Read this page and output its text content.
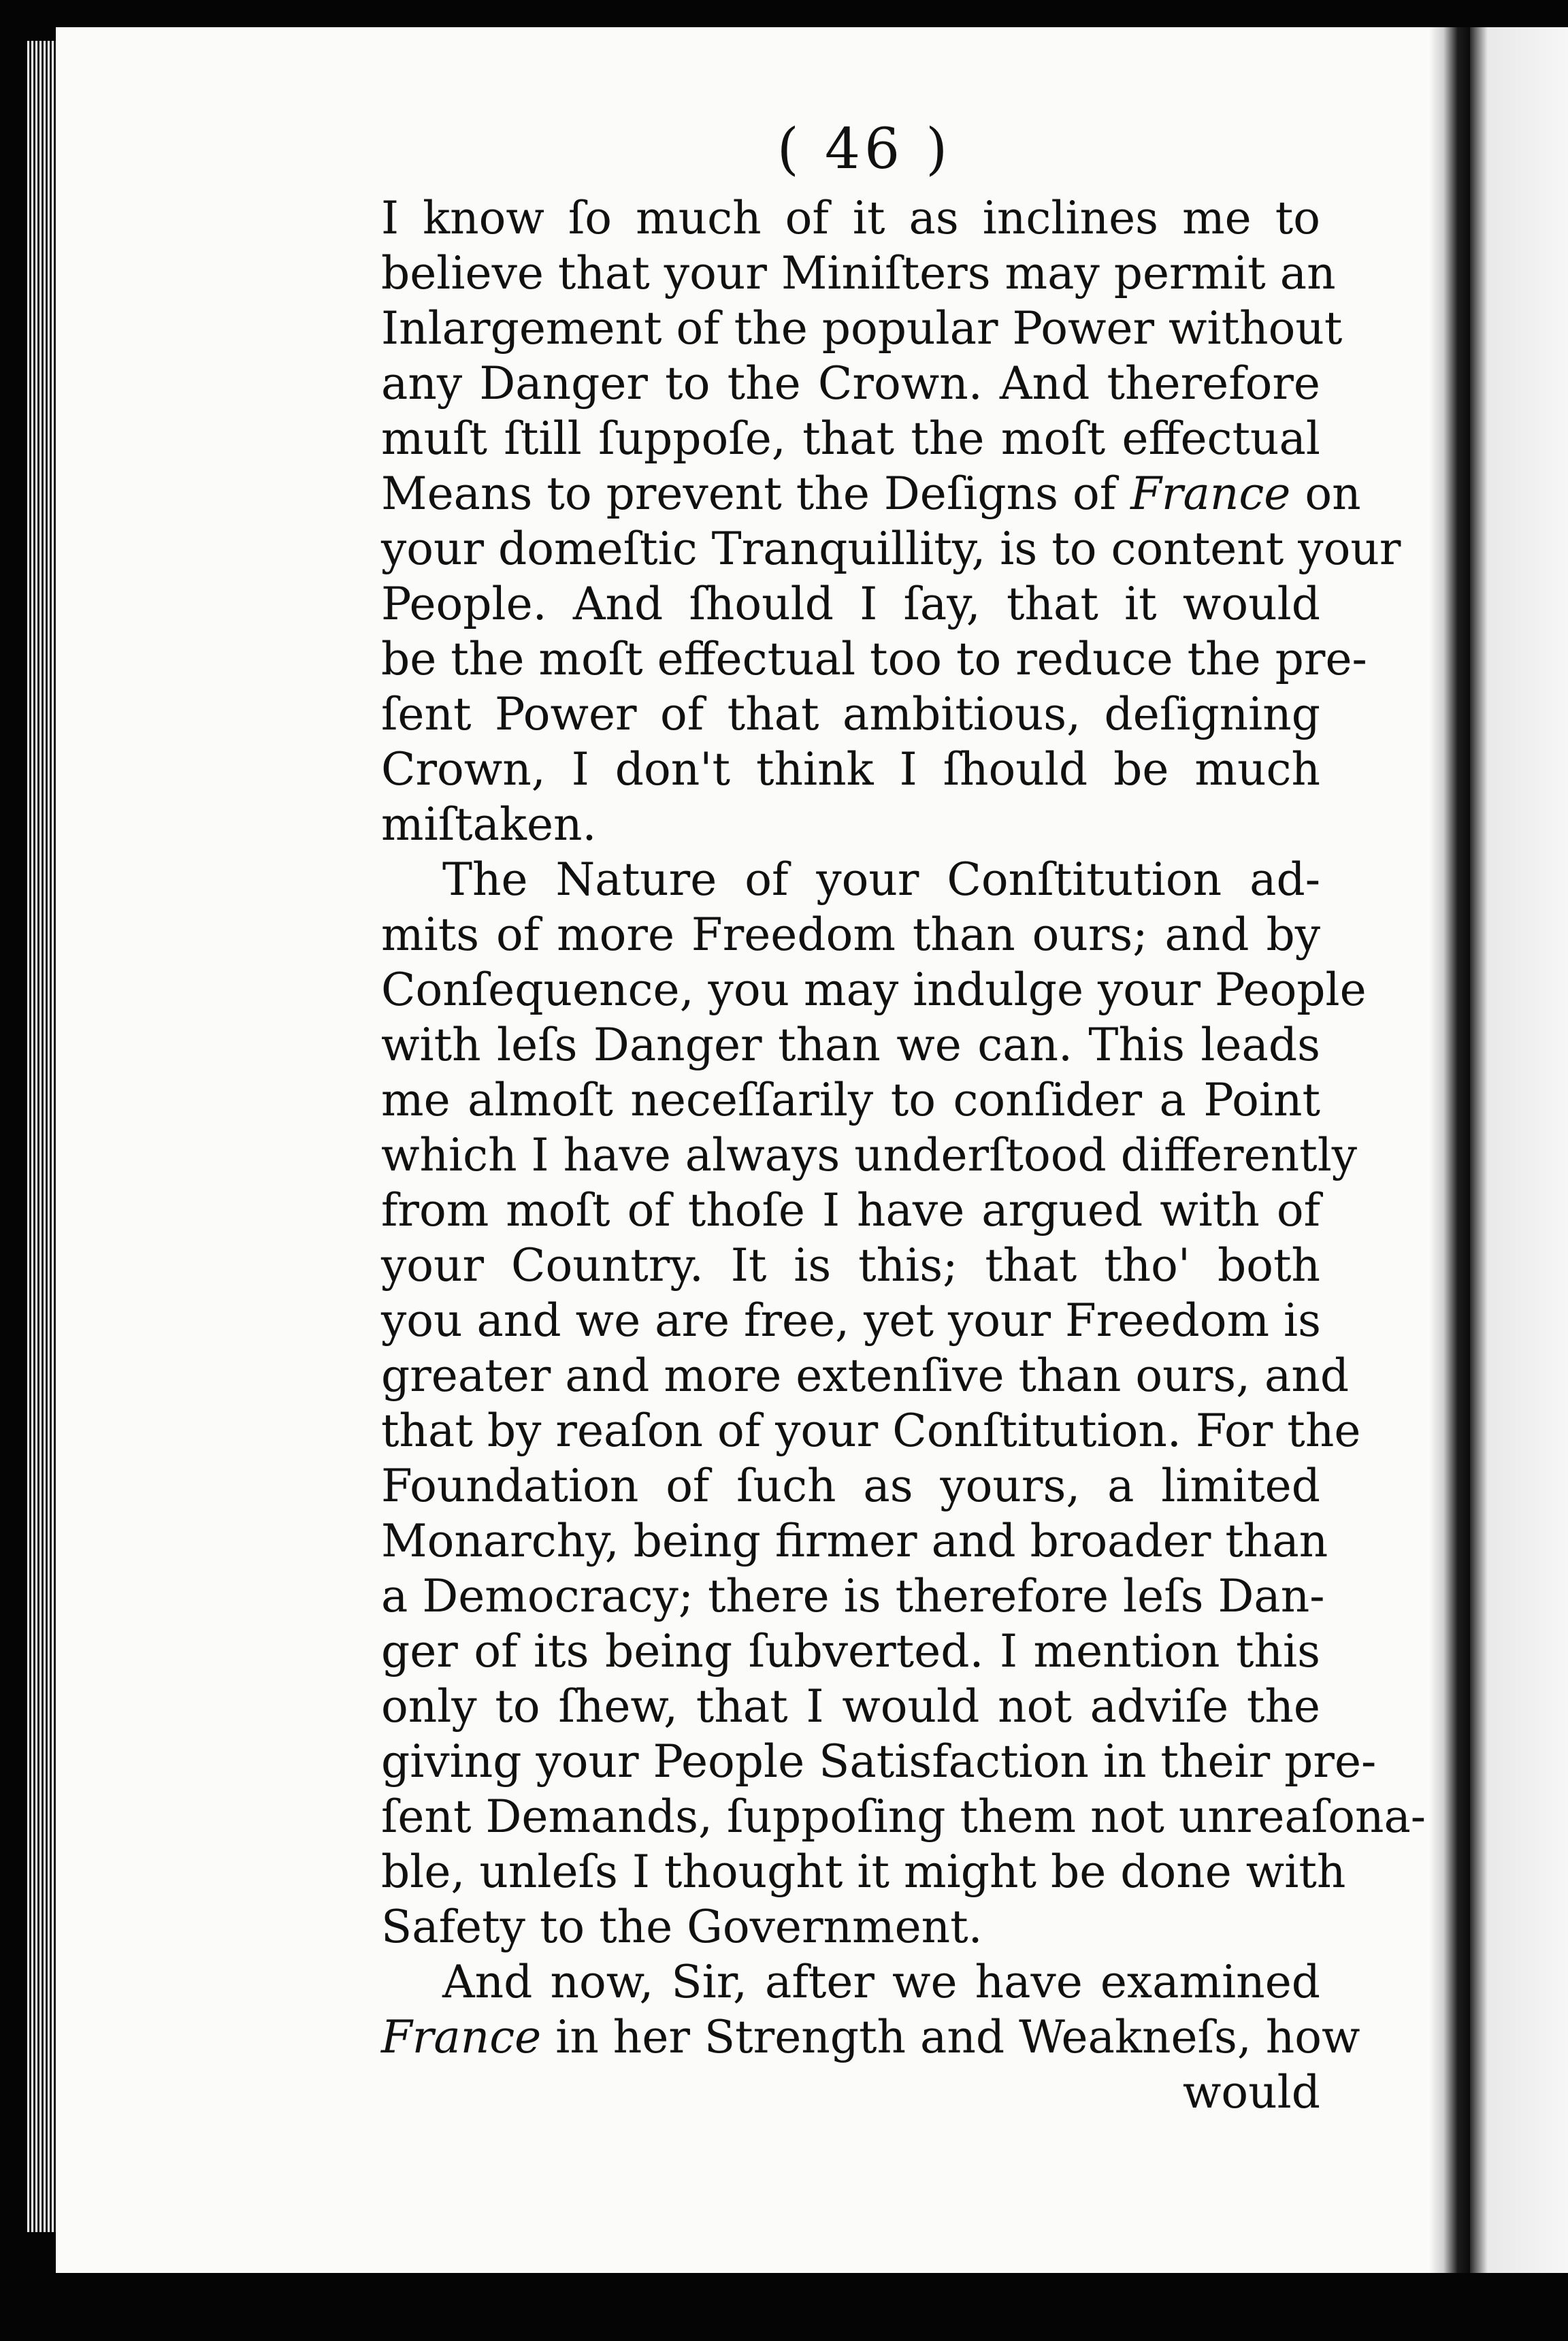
( 46 )
I know ſo much of it as inclines me to
believe that your Miniſters may permit an
Inlargement of the popular Power without
any Danger to the Crown. And therefore
muſt ſtill ſuppoſe, that the moſt effectual
Means to prevent the Deſigns of France on
your domeſtic Tranquillity, is to content your
People. And ſhould I ſay, that it would
be the moſt effectual too to reduce the pre-
ſent Power of that ambitious, deſigning
Crown, I don't think I ſhould be much
miſtaken.
The Nature of your Conſtitution ad-
mits of more Freedom than ours; and by
Conſequence, you may indulge your People
with leſs Danger than we can. This leads
me almoſt neceſſarily to conſider a Point
which I have always underſtood differently
from moſt of thoſe I have argued with of
your Country. It is this; that tho' both
you and we are free, yet your Freedom is
greater and more extenſive than ours, and
that by reaſon of your Conſtitution. For the
Foundation of ſuch as yours, a limited
Monarchy, being firmer and broader than
a Democracy; there is therefore leſs Dan-
ger of its being ſubverted. I mention this
only to ſhew, that I would not adviſe the
giving your People Satisfaction in their pre-
ſent Demands, ſuppoſing them not unreaſona-
ble, unleſs I thought it might be done with
Safety to the Government.
And now, Sir, after we have examined
France in her Strength and Weakneſs, how
would
